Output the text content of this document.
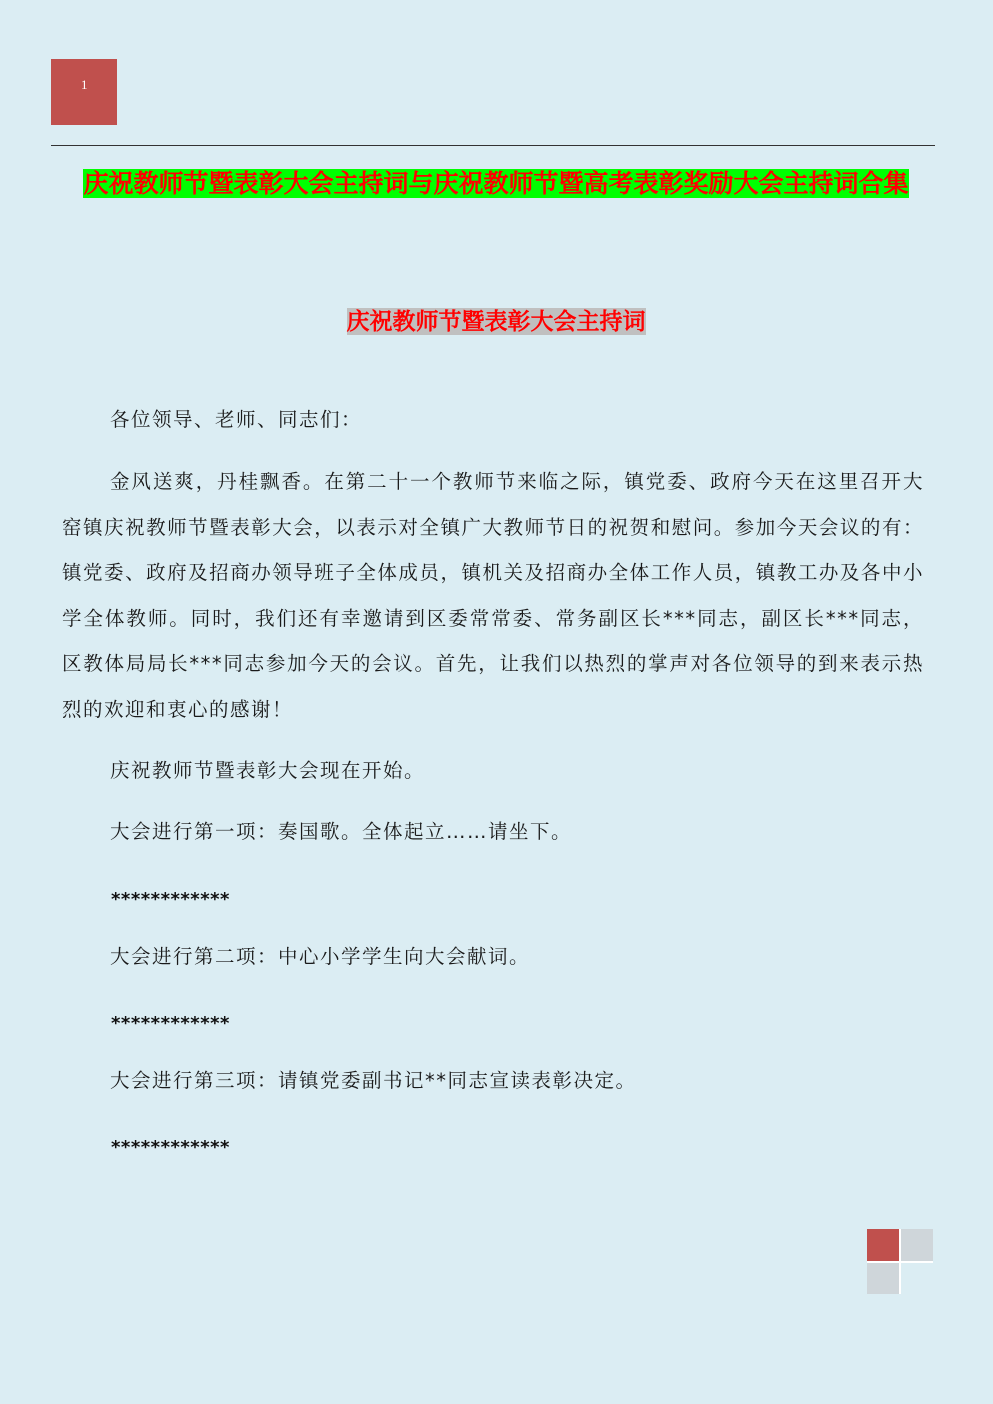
1
庆祝教师节暨表彰大会主持词与庆祝教师节暨高考表彰奖励大会主持词合集
庆祝教师节暨表彰大会主持词

各位领导、老师、同志们：

金风送爽，丹桂飘香。在第二十一个教师节来临之际，镇党委、政府今天在这里召开大窑镇庆祝教师节暨表彰大会，以表示对全镇广大教师节日的祝贺和慰问。参加今天会议的有：镇党委、政府及招商办领导班子全体成员，镇机关及招商办全体工作人员，镇教工办及各中小学全体教师。同时，我们还有幸邀请到区委常常委、常务副区长***同志，副区长***同志，区教体局局长***同志参加今天的会议。首先，让我们以热烈的掌声对各位领导的到来表示热烈的欢迎和衷心的感谢！

庆祝教师节暨表彰大会现在开始。

大会进行第一项：奏国歌。全体起立……请坐下。

************

大会进行第二项：中心小学学生向大会献词。

************

大会进行第三项：请镇党委副书记**同志宣读表彰决定。

************
